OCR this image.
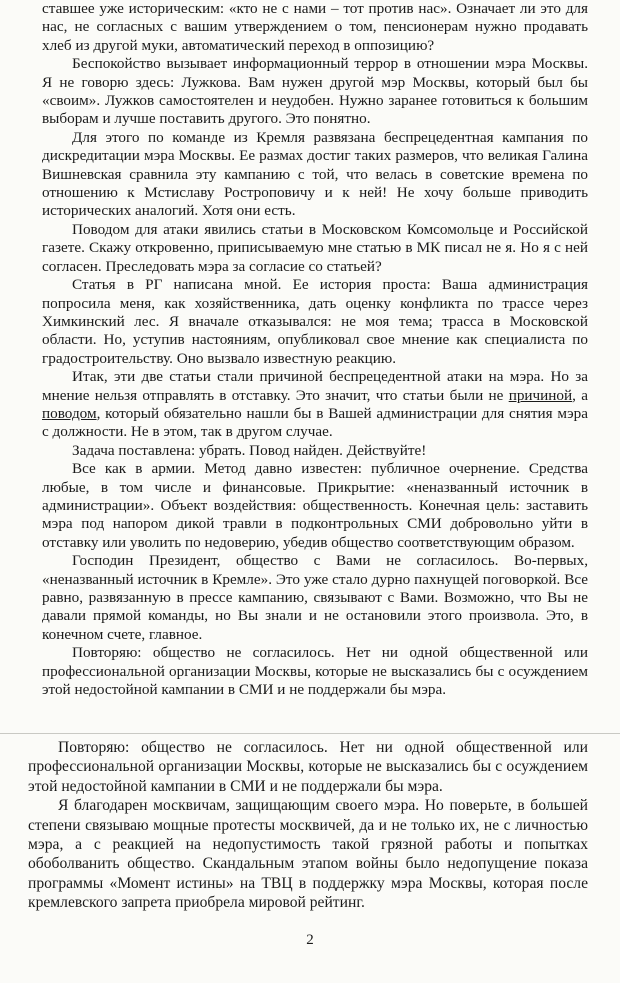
ставшее уже историческим: «кто не с нами – тот против нас». Означает ли это для нас, не согласных с вашим утверждением о том, пенсионерам нужно продавать хлеб из другой муки, автоматический переход в оппозицию?

Беспокойство вызывает информационный террор в отношении мэра Москвы. Я не говорю здесь: Лужкова. Вам нужен другой мэр Москвы, который был бы «своим». Лужков самостоятелен и неудобен. Нужно заранее готовиться к большим выборам и лучше поставить другого. Это понятно.

Для этого по команде из Кремля развязана беспрецедентная кампания по дискредитации мэра Москвы. Ее размах достиг таких размеров, что великая Галина Вишневская сравнила эту кампанию с той, что велась в советские времена по отношению к Мстиславу Ростроповичу и к ней! Не хочу больше приводить исторических аналогий. Хотя они есть.

Поводом для атаки явились статьи в Московском Комсомольце и Российской газете. Скажу откровенно, приписываемую мне статью в МК писал не я. Но я с ней согласен. Преследовать мэра за согласие со статьей?

Статья в РГ написана мной. Ее история проста: Ваша администрация попросила меня, как хозяйственника, дать оценку конфликта по трассе через Химкинский лес. Я вначале отказывался: не моя тема; трасса в Московской области. Но, уступив настояниям, опубликовал свое мнение как специалиста по градостроительству. Оно вызвало известную реакцию.

Итак, эти две статьи стали причиной беспрецедентной атаки на мэра. Но за мнение нельзя отправлять в отставку. Это значит, что статьи были не причиной, а поводом, который обязательно нашли бы в Вашей администрации для снятия мэра с должности. Не в этом, так в другом случае.

Задача поставлена: убрать. Повод найден. Действуйте!

Все как в армии. Метод давно известен: публичное очернение. Средства любые, в том числе и финансовые. Прикрытие: «неназванный источник в администрации». Объект воздействия: общественность. Конечная цель: заставить мэра под напором дикой травли в подконтрольных СМИ добровольно уйти в отставку или уволить по недоверию, убедив общество соответствующим образом.

Господин Президент, общество с Вами не согласилось. Во-первых, «неназванный источник в Кремле». Это уже стало дурно пахнущей поговоркой. Все равно, развязанную в прессе кампанию, связывают с Вами. Возможно, что Вы не давали прямой команды, но Вы знали и не остановили этого произвола. Это, в конечном счете, главное.

Повторяю: общество не согласилось. Нет ни одной общественной или профессиональной организации Москвы, которые не высказались бы с осуждением этой недостойной кампании в СМИ и не поддержали бы мэра.

Повторяю: общество не согласилось. Нет ни одной общественной или профессиональной организации Москвы, которые не высказались бы с осуждением этой недостойной кампании в СМИ и не поддержали бы мэра.

Я благодарен москвичам, защищающим своего мэра. Но поверьте, в большей степени связываю мощные протесты москвичей, да и не только их, не с личностью мэра, а с реакцией на недопустимость такой грязной работы и попытках обоболванить общество. Скандальным этапом войны было недопущение показа программы «Момент истины» на ТВЦ в поддержку мэра Москвы, которая после кремлевского запрета приобрела мировой рейтинг.

2
